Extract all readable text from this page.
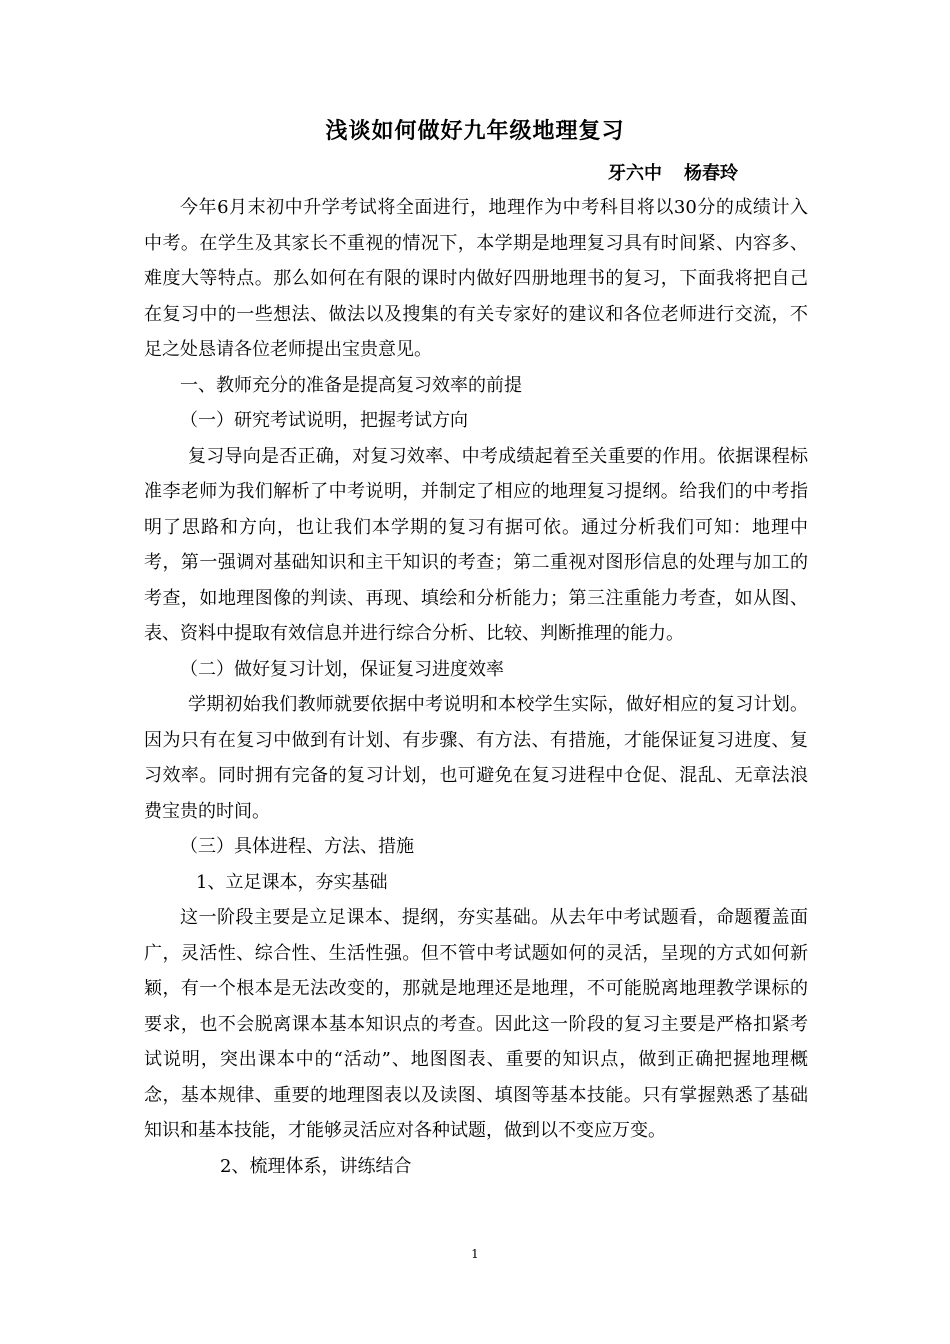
浅谈如何做好九年级地理复习
牙六中 杨春玲

今年6月末初中升学考试将全面进行，地理作为中考科目将以30分的成绩计入中考。在学生及其家长不重视的情况下，本学期是地理复习具有时间紧、内容多、难度大等特点。那么如何在有限的课时内做好四册地理书的复习，下面我将把自己在复习中的一些想法、做法以及搜集的有关专家好的建议和各位老师进行交流，不足之处恳请各位老师提出宝贵意见。

一、教师充分的准备是提高复习效率的前提

（一）研究考试说明，把握考试方向

复习导向是否正确，对复习效率、中考成绩起着至关重要的作用。依据课程标准李老师为我们解析了中考说明，并制定了相应的地理复习提纲。给我们的中考指明了思路和方向，也让我们本学期的复习有据可依。通过分析我们可知：地理中考，第一强调对基础知识和主干知识的考查；第二重视对图形信息的处理与加工的考查，如地理图像的判读、再现、填绘和分析能力；第三注重能力考查，如从图、表、资料中提取有效信息并进行综合分析、比较、判断推理的能力。

（二）做好复习计划，保证复习进度效率

学期初始我们教师就要依据中考说明和本校学生实际，做好相应的复习计划。因为只有在复习中做到有计划、有步骤、有方法、有措施，才能保证复习进度、复习效率。同时拥有完备的复习计划，也可避免在复习进程中仓促、混乱、无章法浪费宝贵的时间。

（三）具体进程、方法、措施

1、立足课本，夯实基础

这一阶段主要是立足课本、提纲，夯实基础。从去年中考试题看，命题覆盖面广，灵活性、综合性、生活性强。但不管中考试题如何的灵活，呈现的方式如何新颖，有一个根本是无法改变的，那就是地理还是地理，不可能脱离地理教学课标的要求，也不会脱离课本基本知识点的考查。因此这一阶段的复习主要是严格扣紧考试说明，突出课本中的“活动”、地图图表、重要的知识点，做到正确把握地理概念，基本规律、重要的地理图表以及读图、填图等基本技能。只有掌握熟悉了基础知识和基本技能，才能够灵活应对各种试题，做到以不变应万变。

2、梳理体系，讲练结合

1
